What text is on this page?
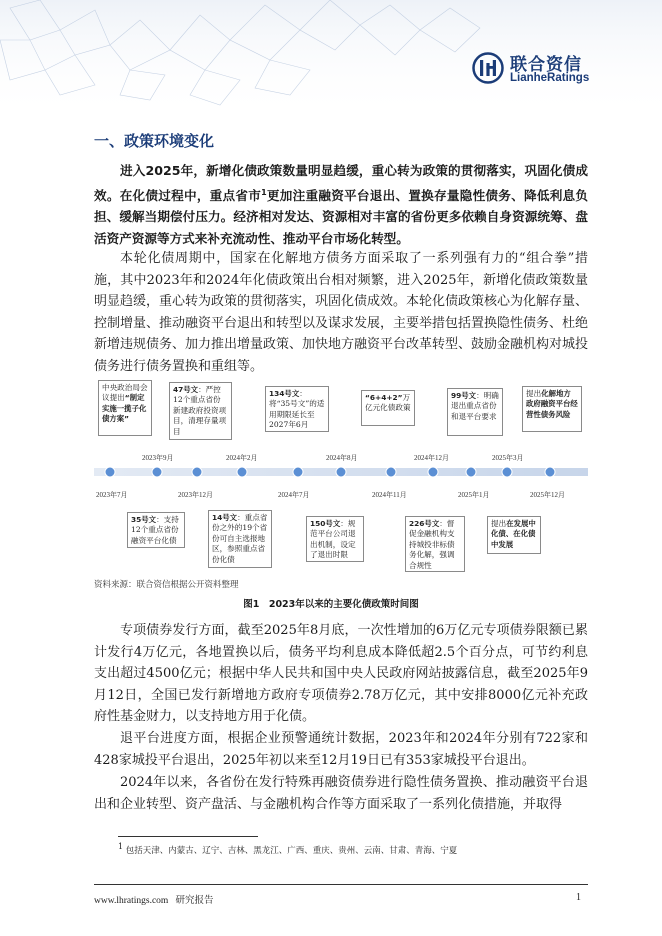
联合资信
LianheRatings
一、政策环境变化
进入2025年，新增化债政策数量明显趋缓，重心转为政策的贯彻落实，巩固化债成效。在化债过程中，重点省市$^1$更加注重融资平台退出、置换存量隐性债务、降低利息负担、缓解当期偿付压力。经济相对发达、资源相对丰富的省份更多依赖自身资源统筹、盘活资产资源等方式来补充流动性、推动平台市场化转型。
本轮化债周期中，国家在化解地方债务方面采取了一系列强有力的“组合拳”措施，其中2023年和2024年化债政策出台相对频繁，进入2025年，新增化债政策数量明显趋缓，重心转为政策的贯彻落实，巩固化债成效。本轮化债政策核心为化解存量、控制增量、推动融资平台退出和转型以及谋求发展，主要举措包括置换隐性债务、杜绝新增违规债务、加力推出增量政策、加快地方融资平台改革转型、鼓励金融机构对城投债务进行债务置换和重组等。
中央政治局会议提出“制定实施一揽子化债方案”
47号文：严控12个重点省份新建政府投资项目，清理存量项目
134号文：将“35号文”的适用期限延长至2027年6月
“6+4+2”万亿元化债政策
99号文：明确退出重点省份和退平台要求
提出化解地方政府融资平台经营性债务风险
2023年9月	2024年2月	2024年8月	2024年12月	2025年3月
2023年7月	2023年12月	2024年7月	2024年11月	2025年1月	2025年12月
35号文：支持12个重点省份融资平台化债
14号文：重点省份之外的19个省份可自主选报地区，参照重点省份化债
150号文：规范平台公司退出机制，设定了退出时限
226号文：督促金融机构支持城投非标债务化解，强调合规性
提出在发展中化债、在化债中发展
资料来源：联合资信根据公开资料整理
图1　2023年以来的主要化债政策时间图
专项债券发行方面，截至2025年8月底，一次性增加的6万亿元专项债券限额已累计发行4万亿元，各地置换以后，债务平均利息成本降低超2.5个百分点，可节约利息支出超过4500亿元；根据中华人民共和国中央人民政府网站披露信息，截至2025年9月12日，全国已发行新增地方政府专项债券2.78万亿元，其中安排8000亿元补充政府性基金财力，以支持地方用于化债。
退平台进度方面，根据企业预警通统计数据，2023年和2024年分别有722家和428家城投平台退出，2025年初以来至12月19日已有353家城投平台退出。
2024年以来，各省份在发行特殊再融资债券进行隐性债务置换、推动融资平台退出和企业转型、资产盘活、与金融机构合作等方面采取了一系列化债措施，并取得
$^1$ 包括天津、内蒙古、辽宁、吉林、黑龙江、广西、重庆、贵州、云南、甘肃、青海、宁夏
www.lhratings.com 研究报告	1
